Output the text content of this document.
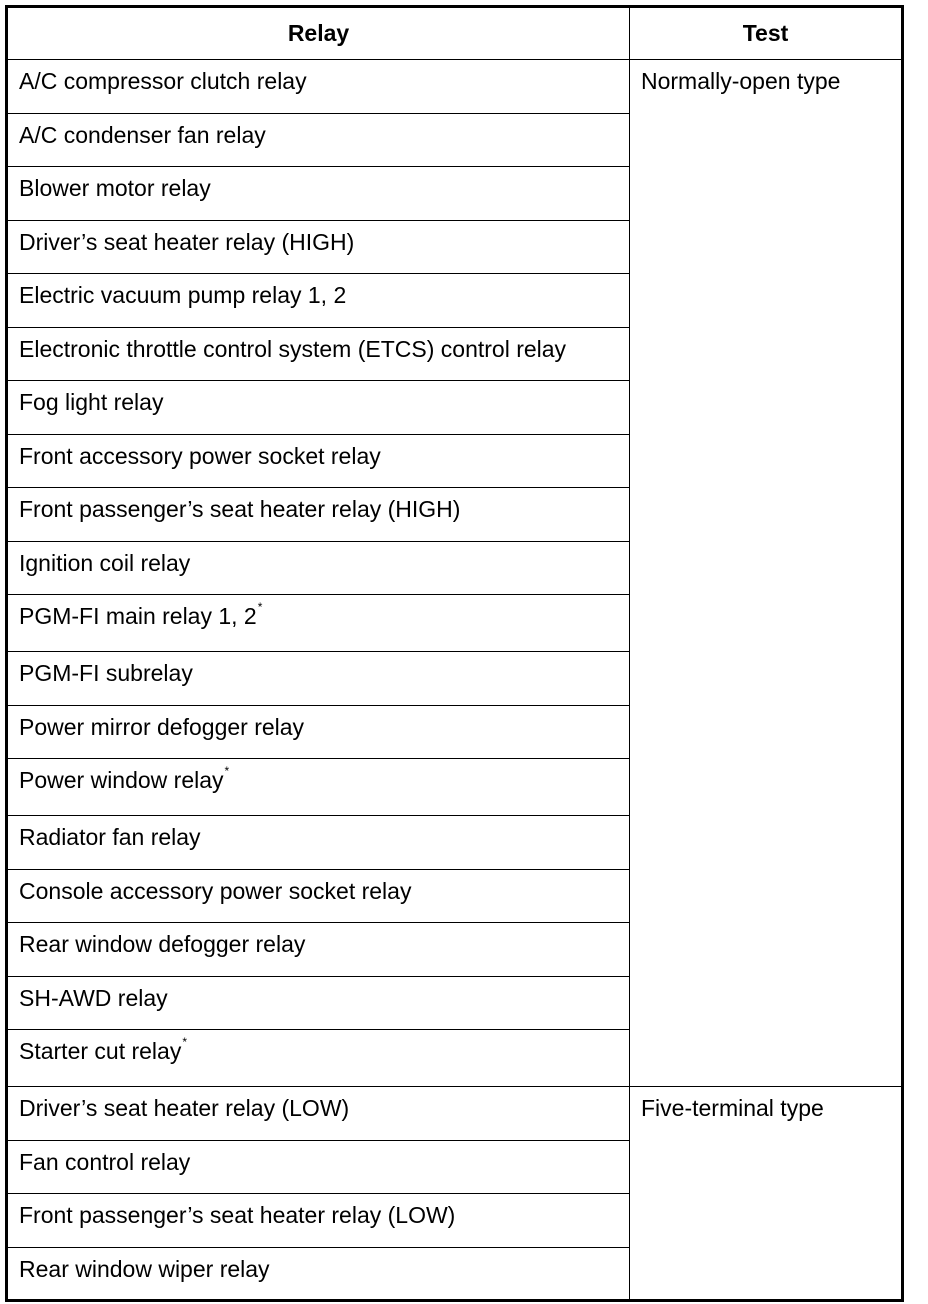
Relay	Test
A/C compressor clutch relay	Normally-open type
A/C condenser fan relay	
Blower motor relay	
Driver’s seat heater relay (HIGH)	
Electric vacuum pump relay 1, 2	
Electronic throttle control system (ETCS) control relay	
Fog light relay	
Front accessory power socket relay	
Front passenger’s seat heater relay (HIGH)	
Ignition coil relay	
PGM-FI main relay 1, 2*
PGM-FI subrelay	
Power mirror defogger relay	
Power window relay*
Radiator fan relay	
Console accessory power socket relay	
Rear window defogger relay	
SH-AWD relay	
Starter cut relay*
Driver’s seat heater relay (LOW)	Five-terminal type
Fan control relay	
Front passenger’s seat heater relay (LOW)	
Rear window wiper relay	
